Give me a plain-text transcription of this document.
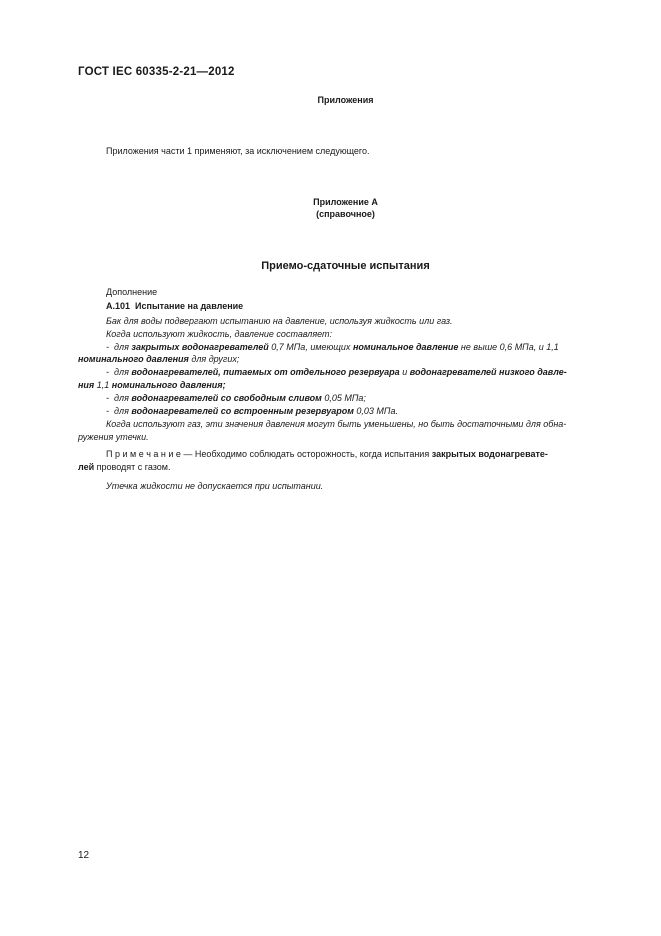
ГОСТ IEC 60335-2-21—2012
Приложения
Приложения части 1 применяют, за исключением следующего.
Приложение А
(справочное)
Приемо-сдаточные испытания
Дополнение
А.101 Испытание на давление
Бак для воды подвергают испытанию на давление, используя жидкость или газ.
Когда используют жидкость, давление составляет:
- для закрытых водонагревателей 0,7 МПа, имеющих номинальное давление не выше 0,6 МПа, и 1,1
номинального давления для других;
- для водонагревателей, питаемых от отдельного резервуара и водонагревателей низкого давле-
ния 1,1 номинального давления;
- для водонагревателей со свободным сливом 0,05 МПа;
- для водонагревателей со встроенным резервуаром 0,03 МПа.
Когда используют газ, эти значения давления могут быть уменьшены, но быть достаточными для обна-
ружения утечки.
П р и м е ч а н и е — Необходимо соблюдать осторожность, когда испытания закрытых водонагревате-
лей проводят с газом.
Утечка жидкости не допускается при испытании.
12
